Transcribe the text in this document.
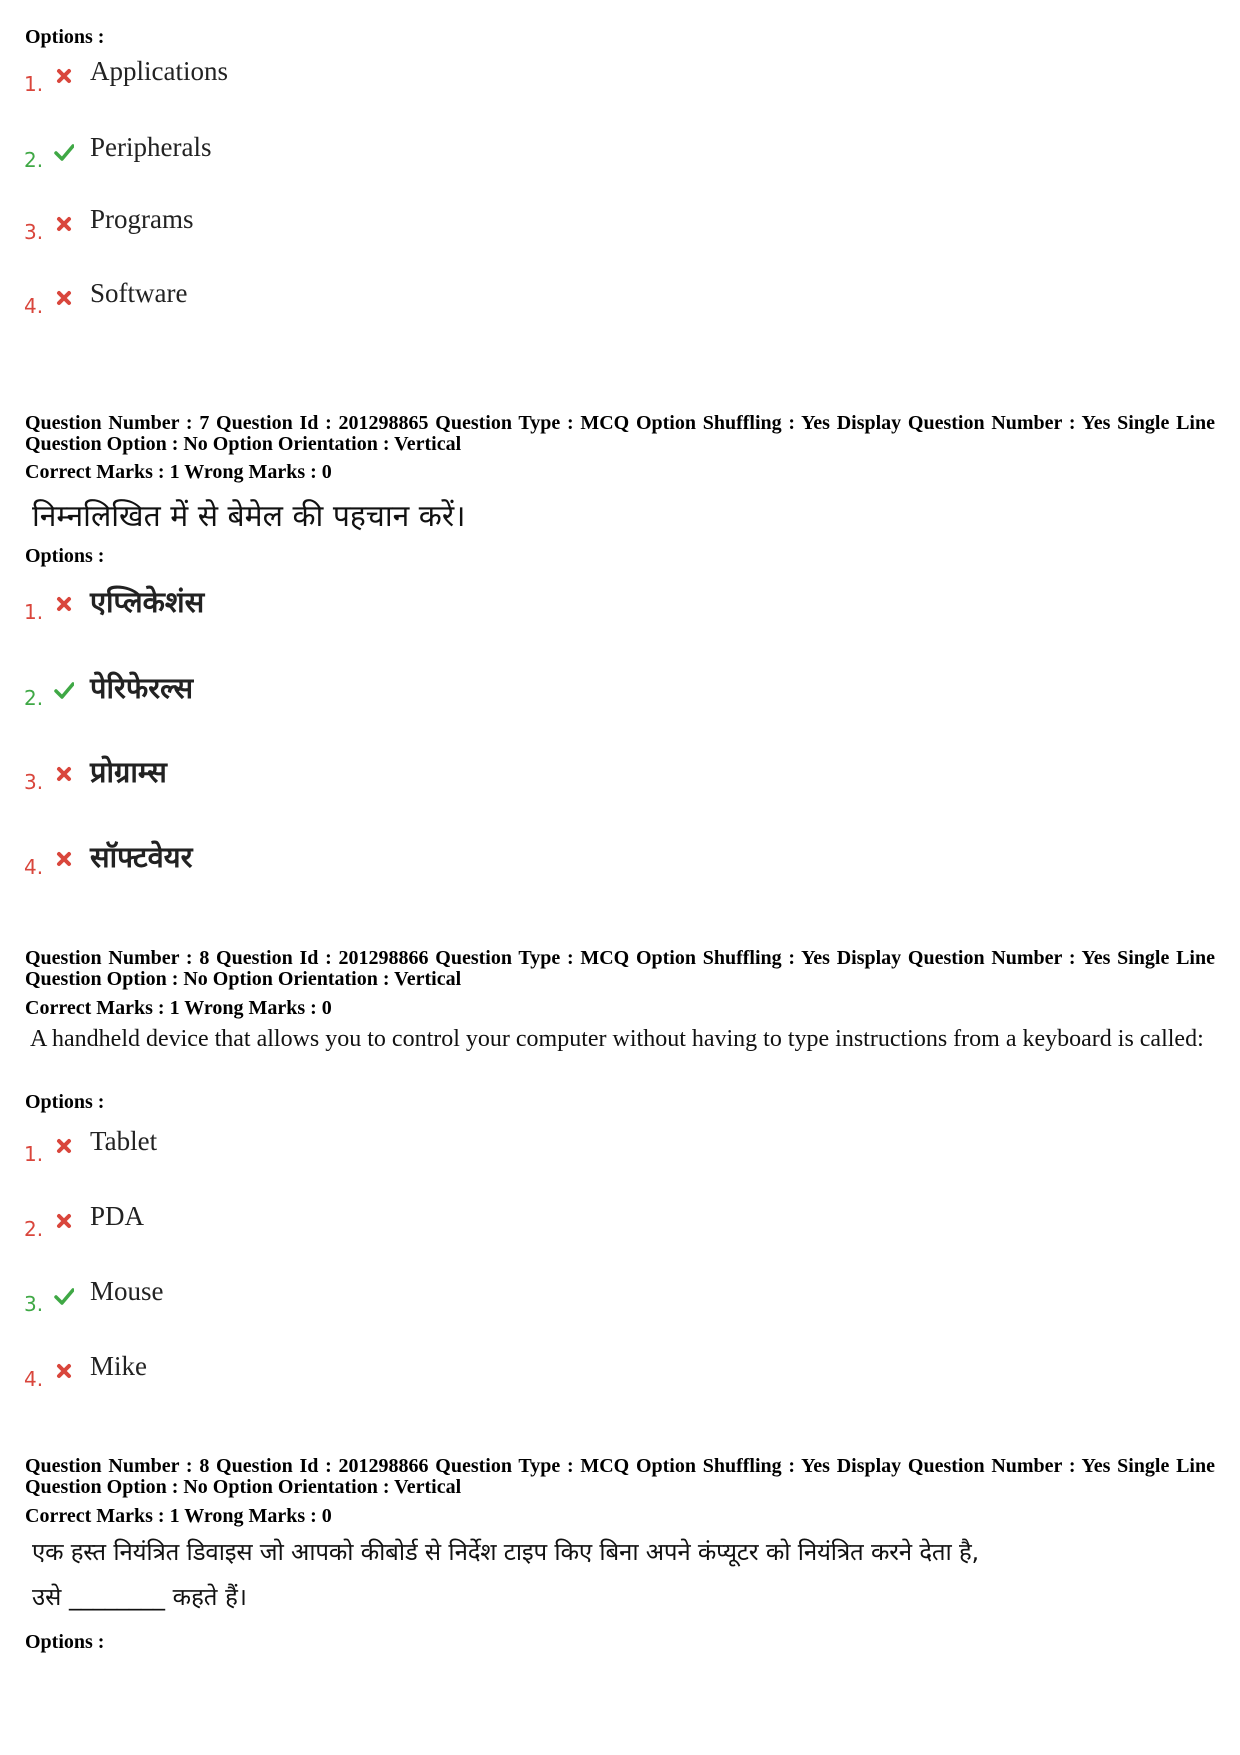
Options :
1. Applications
2. Peripherals
3. Programs
4. Software
Question Number : 7 Question Id : 201298865 Question Type : MCQ Option Shuffling : Yes Display Question Number : Yes Single Line Question Option : No Option Orientation : Vertical
Correct Marks : 1 Wrong Marks : 0
निम्नलिखित में से बेमेल की पहचान करें।
Options :
1. एप्लिकेशंस
2. पेरिफेरल्स
3. प्रोग्राम्स
4. सॉफ्टवेयर
Question Number : 8 Question Id : 201298866 Question Type : MCQ Option Shuffling : Yes Display Question Number : Yes Single Line Question Option : No Option Orientation : Vertical
Correct Marks : 1 Wrong Marks : 0
A handheld device that allows you to control your computer without having to type instructions from a keyboard is called:
Options :
1. Tablet
2. PDA
3. Mouse
4. Mike
Question Number : 8 Question Id : 201298866 Question Type : MCQ Option Shuffling : Yes Display Question Number : Yes Single Line Question Option : No Option Orientation : Vertical
Correct Marks : 1 Wrong Marks : 0
एक हस्त नियंत्रित डिवाइस जो आपको कीबोर्ड से निर्देश टाइप किए बिना अपने कंप्यूटर को नियंत्रित करने देता है,
उसे ________ कहते हैं।
Options :
